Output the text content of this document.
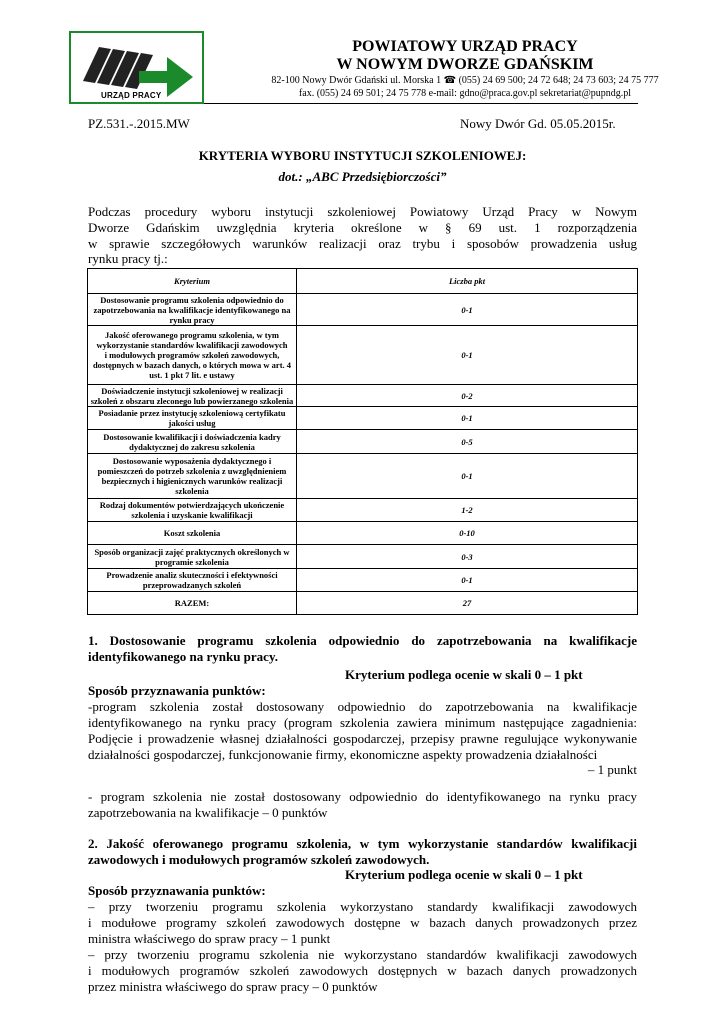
URZĄD PRACY
POWIATOWY URZĄD PRACY
W NOWYM DWORZE GDAŃSKIM
82-100 Nowy Dwór Gdański ul. Morska 1 ☎ (055) 24 69 500; 24 72 648; 24 73 603; 24 75 777
fax. (055) 24 69 501; 24 75 778 e-mail: gdno@praca.gov.pl sekretariat@pupndg.pl
PZ.531.-.2015.MW	Nowy Dwór Gd. 05.05.2015r.
KRYTERIA WYBORU INSTYTUCJI SZKOLENIOWEJ:
dot.: „ABC Przedsiębiorczości”
Podczas procedury wyboru instytucji szkoleniowej Powiatowy Urząd Pracy w Nowym
Dworze Gdańskim uwzględnia kryteria określone w § 69 ust. 1 rozporządzenia
w sprawie szczegółowych warunków realizacji oraz trybu i sposobów prowadzenia usług
rynku pracy tj.:
Kryterium	Liczba pkt
Dostosowanie programu szkolenia odpowiednio do
zapotrzebowania na kwalifikacje identyfikowanego na
rynku pracy	0-1
Jakość oferowanego programu szkolenia, w tym
wykorzystanie standardów kwalifikacji zawodowych
i modułowych programów szkoleń zawodowych,
dostępnych w bazach danych, o których mowa w art. 4
ust. 1 pkt 7 lit. e ustawy	0-1
Doświadczenie instytucji szkoleniowej w realizacji
szkoleń z obszaru zleconego lub powierzanego szkolenia	0-2
Posiadanie przez instytucję szkoleniową certyfikatu
jakości usług	0-1
Dostosowanie kwalifikacji i doświadczenia kadry
dydaktycznej do zakresu szkolenia	0-5
Dostosowanie wyposażenia dydaktycznego i
pomieszczeń do potrzeb szkolenia z uwzględnieniem
bezpiecznych i higienicznych warunków realizacji
szkolenia	0-1
Rodzaj dokumentów potwierdzających ukończenie
szkolenia i uzyskanie kwalifikacji	1-2
Koszt szkolenia	0-10
Sposób organizacji zajęć praktycznych określonych w
programie szkolenia	0-3
Prowadzenie analiz skuteczności i efektywności
przeprowadzanych szkoleń	0-1
RAZEM:	27
1. Dostosowanie programu szkolenia odpowiednio do zapotrzebowania na kwalifikacje
identyfikowanego na rynku pracy.
Kryterium podlega ocenie w skali 0 – 1 pkt
Sposób przyznawania punktów:
-program szkolenia został dostosowany odpowiednio do zapotrzebowania na kwalifikacje
identyfikowanego na rynku pracy (program szkolenia zawiera minimum następujące zagadnienia:
Podjęcie i prowadzenie własnej działalności gospodarczej, przepisy prawne regulujące wykonywanie
działalności gospodarczej, funkcjonowanie firmy, ekonomiczne aspekty prowadzenia działalności
– 1 punkt
- program szkolenia nie został dostosowany odpowiednio do identyfikowanego na rynku pracy
zapotrzebowania na kwalifikacje – 0 punktów
2. Jakość oferowanego programu szkolenia, w tym wykorzystanie standardów kwalifikacji
zawodowych i modułowych programów szkoleń zawodowych.
Kryterium podlega ocenie w skali 0 – 1 pkt
Sposób przyznawania punktów:
– przy tworzeniu programu szkolenia wykorzystano standardy kwalifikacji zawodowych
i modułowe programy szkoleń zawodowych dostępne w bazach danych prowadzonych przez
ministra właściwego do spraw pracy – 1 punkt
– przy tworzeniu programu szkolenia nie wykorzystano standardów kwalifikacji zawodowych
i modułowych programów szkoleń zawodowych dostępnych w bazach danych prowadzonych
przez ministra właściwego do spraw pracy – 0 punktów
